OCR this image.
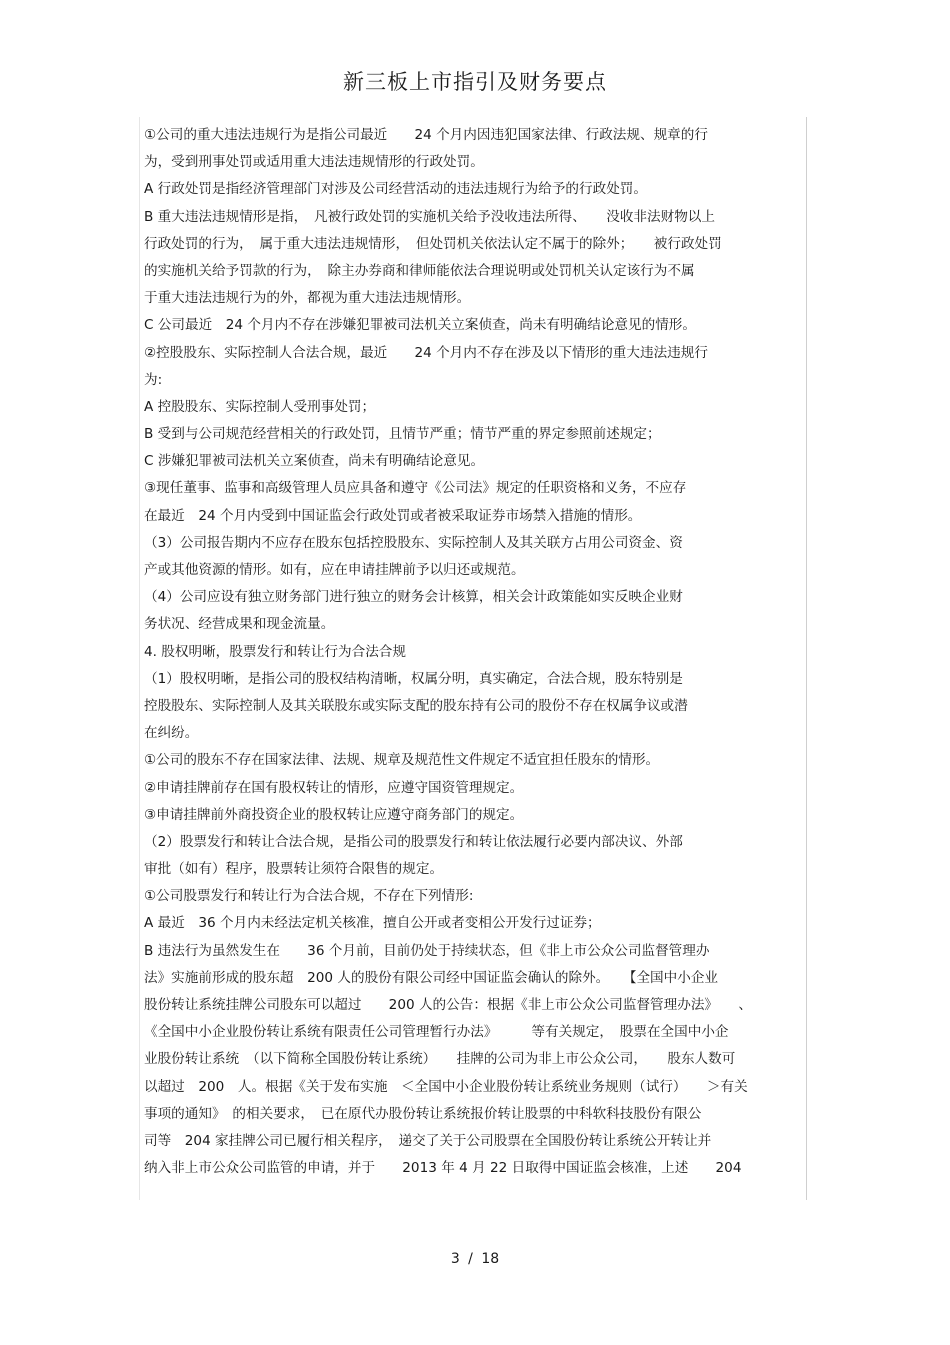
新三板上市指引及财务要点
①公司的重大违法违规行为是指公司最近　　24 个月内因违犯国家法律、行政法规、规章的行
为，受到刑事处罚或适用重大违法违规情形的行政处罚。
A 行政处罚是指经济管理部门对涉及公司经营活动的违法违规行为给予的行政处罚。
B 重大违法违规情形是指，　凡被行政处罚的实施机关给予没收违法所得、　　没收非法财物以上
行政处罚的行为，　属于重大违法违规情形，　但处罚机关依法认定不属于的除外；　　被行政处罚
的实施机关给予罚款的行为，　除主办券商和律师能依法合理说明或处罚机关认定该行为不属
于重大违法违规行为的外，都视为重大违法违规情形。
C 公司最近　24 个月内不存在涉嫌犯罪被司法机关立案侦查，尚未有明确结论意见的情形。
②控股股东、实际控制人合法合规，最近　　24 个月内不存在涉及以下情形的重大违法违规行
为:
A 控股股东、实际控制人受刑事处罚；
B 受到与公司规范经营相关的行政处罚，且情节严重；情节严重的界定参照前述规定；
C 涉嫌犯罪被司法机关立案侦查，尚未有明确结论意见。
③现任董事、监事和高级管理人员应具备和遵守《公司法》规定的任职资格和义务，不应存
在最近　24 个月内受到中国证监会行政处罚或者被采取证券市场禁入措施的情形。
（3）公司报告期内不应存在股东包括控股股东、实际控制人及其关联方占用公司资金、资
产或其他资源的情形。如有，应在申请挂牌前予以归还或规范。
（4）公司应设有独立财务部门进行独立的财务会计核算，相关会计政策能如实反映企业财
务状况、经营成果和现金流量。
4. 股权明晰，股票发行和转让行为合法合规
（1）股权明晰，是指公司的股权结构清晰，权属分明，真实确定，合法合规，股东特别是
控股股东、实际控制人及其关联股东或实际支配的股东持有公司的股份不存在权属争议或潜
在纠纷。
①公司的股东不存在国家法律、法规、规章及规范性文件规定不适宜担任股东的情形。
②申请挂牌前存在国有股权转让的情形，应遵守国资管理规定。
③申请挂牌前外商投资企业的股权转让应遵守商务部门的规定。
（2）股票发行和转让合法合规，是指公司的股票发行和转让依法履行必要内部决议、外部
审批（如有）程序，股票转让须符合限售的规定。
①公司股票发行和转让行为合法合规，不存在下列情形:
A 最近　36 个月内未经法定机关核准，擅自公开或者变相公开发行过证券；
B 违法行为虽然发生在　　36 个月前，目前仍处于持续状态，但《非上市公众公司监督管理办
法》实施前形成的股东超　200 人的股份有限公司经中国证监会确认的除外。　　【全国中小企业
股份转让系统挂牌公司股东可以超过　　200 人的公告：根据《非上市公众公司监督管理办法》　　、
《全国中小企业股份转让系统有限责任公司管理暂行办法》　　　等有关规定，　股票在全国中小企
业股份转让系统　（以下简称全国股份转让系统）　　挂牌的公司为非上市公众公司，　　股东人数可
以超过　200　人。根据《关于发布实施　＜全国中小企业股份转让系统业务规则（试行）　　＞有关
事项的通知》　的相关要求，　已在原代办股份转让系统报价转让股票的中科软科技股份有限公
司等　204 家挂牌公司已履行相关程序，　递交了关于公司股票在全国股份转让系统公开转让并
纳入非上市公众公司监管的申请，并于　　2013 年 4 月 22 日取得中国证监会核准，上述　　204
3 / 18
